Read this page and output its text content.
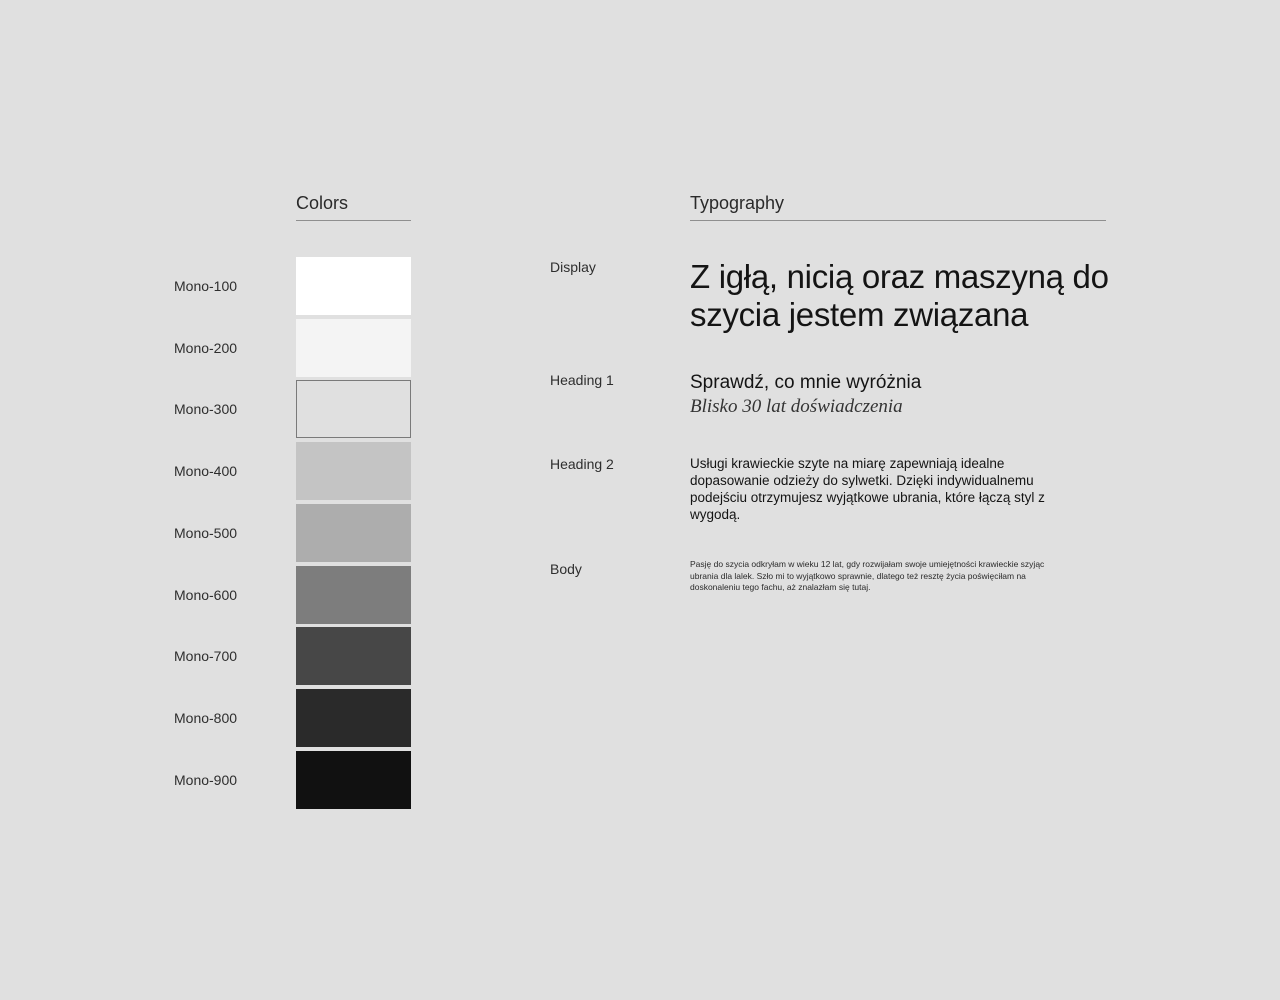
Colors
Mono-100
Mono-200
Mono-300
Mono-400
Mono-500
Mono-600
Mono-700
Mono-800
Mono-900
Typography
Display	Z igłą, nicią oraz maszyną do szycia jestem związana
Heading 1	Sprawdź, co mnie wyróżnia
Blisko 30 lat doświadczenia
Heading 2	Usługi krawieckie szyte na miarę zapewniają idealne dopasowanie odzieży do sylwetki. Dzięki indywidualnemu podejściu otrzymujesz wyjątkowe ubrania, które łączą styl z wygodą.
Body	Pasję do szycia odkryłam w wieku 12 lat, gdy rozwijałam swoje umiejętności krawieckie szyjąc ubrania dla lalek. Szło mi to wyjątkowo sprawnie, dlatego też resztę życia poświęciłam na doskonaleniu tego fachu, aż znalazłam się tutaj.
